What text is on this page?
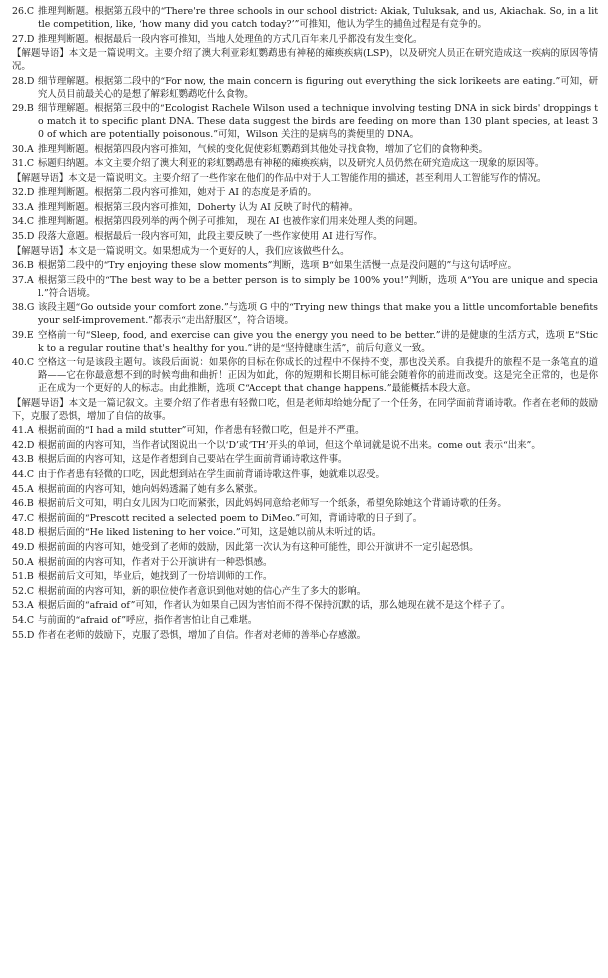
26.C 推理判断题。根据第五段中的“There're three schools in our school district: Akiak, Tuluksak, and us, Akiachak. So, in a little competition, like, ‘how many did you catch today?’”可推知，他认为学生的捕鱼过程是有竞争的。
27.D 推理判断题。根据最后一段内容可推知，当地人处理鱼的方式几百年来几乎都没有发生变化。
【解题导语】本文是一篇说明文。主要介绍了澳大利亚彩虹鹦鹉患有神秘的瘫痪疾病(LSP)，以及研究人员正在研究造成这一疾病的原因等情况。
28.D 细节理解题。根据第二段中的“For now, the main concern is figuring out everything the sick lorikeets are eating.”可知，研究人员目前最关心的是想了解彩虹鹦鹉吃什么食物。
29.B 细节理解题。根据第三段中的“Ecologist Rachele Wilson used a technique involving testing DNA in sick birds' droppings to match it to specific plant DNA. These data suggest the birds are feeding on more than 130 plant species, at least 30 of which are potentially poisonous.”可知，Wilson 关注的是病鸟的粪便里的 DNA。
30.A 推理判断题。根据第四段内容可推知，气候的变化促使彩虹鹦鹉到其他处寻找食物，增加了它们的食物种类。
31.C 标题归纳题。本文主要介绍了澳大利亚的彩虹鹦鹉患有神秘的瘫痪疾病，以及研究人员仍然在研究造成这一现象的原因等。
【解题导语】本文是一篇说明文。主要介绍了一些作家在他们的作品中对于人工智能作用的描述，甚至利用人工智能写作的情况。
32.D 推理判断题。根据第二段内容可推知，她对于 AI 的态度是矛盾的。
33.A 推理判断题。根据第三段内容可推知，Doherty 认为 AI 反映了时代的精神。
34.C 推理判断题。根据第四段列举的两个例子可推知， 现在 AI 也被作家们用来处理人类的问题。
35.D 段落大意题。根据最后一段内容可知，此段主要反映了一些作家使用 AI 进行写作。
【解题导语】本文是一篇说明文。如果想成为一个更好的人，我们应该做些什么。
36.B 根据第二段中的“Try enjoying these slow moments”判断，选项 B“如果生活慢一点是没问题的”与这句话呼应。
37.A 根据第三段中的“The best way to be a better person is to simply be 100% you!”判断，选项 A“You are unique and special.”符合语境。
38.G 该段主题“Go outside your comfort zone.”与选项 G 中的“Trying new things that make you a little uncomfortable benefits your self-improvement.”都表示“走出舒服区”，符合语境。
39.E 空格前一句“Sleep, food, and exercise can give you the energy you need to be better.”讲的是健康的生活方式，选项 E“Stick to a regular routine that's healthy for you.”讲的是“坚持健康生活”，前后句意义一致。
40.C 空格这一句是该段主题句。该段后面说：如果你的目标在你成长的过程中不保持不变，那也没关系。自我提升的旅程不是一条笔直的道路——它在你最意想不到的时候弯曲和曲折！正因为如此，你的短期和长期目标可能会随着你的前进而改变。这是完全正常的，也是你正在成为一个更好的人的标志。由此推断，选项 C“Accept that change happens.”最能概括本段大意。
【解题导语】本文是一篇记叙文。主要介绍了作者患有轻微口吃，但是老师却给她分配了一个任务，在同学面前背诵诗歌。作者在老师的鼓励下，克服了恐惧，增加了自信的故事。
41.A 根据前面的“I had a mild stutter”可知，作者患有轻微口吃，但是并不严重。
42.D 根据前面的内容可知，当作者试图说出一个以‘D’或‘TH’开头的单词，但这个单词就是说不出来。come out 表示“出来”。
43.B 根据后面的内容可知，这是作者想到自己要站在学生面前背诵诗歌这件事。
44.C 由于作者患有轻微的口吃，因此想到站在学生面前背诵诗歌这件事，她就难以忍受。
45.A 根据前面的内容可知，她向妈妈透漏了她有多么紧张。
46.B 根据前后文可知，明白女儿因为口吃而紧张，因此妈妈同意给老师写一个纸条，希望免除她这个背诵诗歌的任务。
47.C 根据前面的“Prescott recited a selected poem to DiMeo.”可知，背诵诗歌的日子到了。
48.D 根据后面的“He liked listening to her voice.”可知，这是她以前从未听过的话。
49.D 根据前面的内容可知，她受到了老师的鼓励，因此第一次认为有这种可能性，即公开演讲不一定引起恐惧。
50.A 根据前面的内容可知，作者对于公开演讲有一种恐惧感。
51.B 根据前后文可知，毕业后，她找到了一份培训师的工作。
52.C 根据前面的内容可知，新的职位使作者意识到他对她的信心产生了多大的影响。
53.A 根据后面的“afraid of”可知，作者认为如果自己因为害怕而不得不保持沉默的话，那么她现在就不是这个样子了。
54.C 与前面的“afraid of”呼应，指作者害怕让自己难堪。
55.D 作者在老师的鼓励下，克服了恐惧，增加了自信。作者对老师的善举心存感激。
